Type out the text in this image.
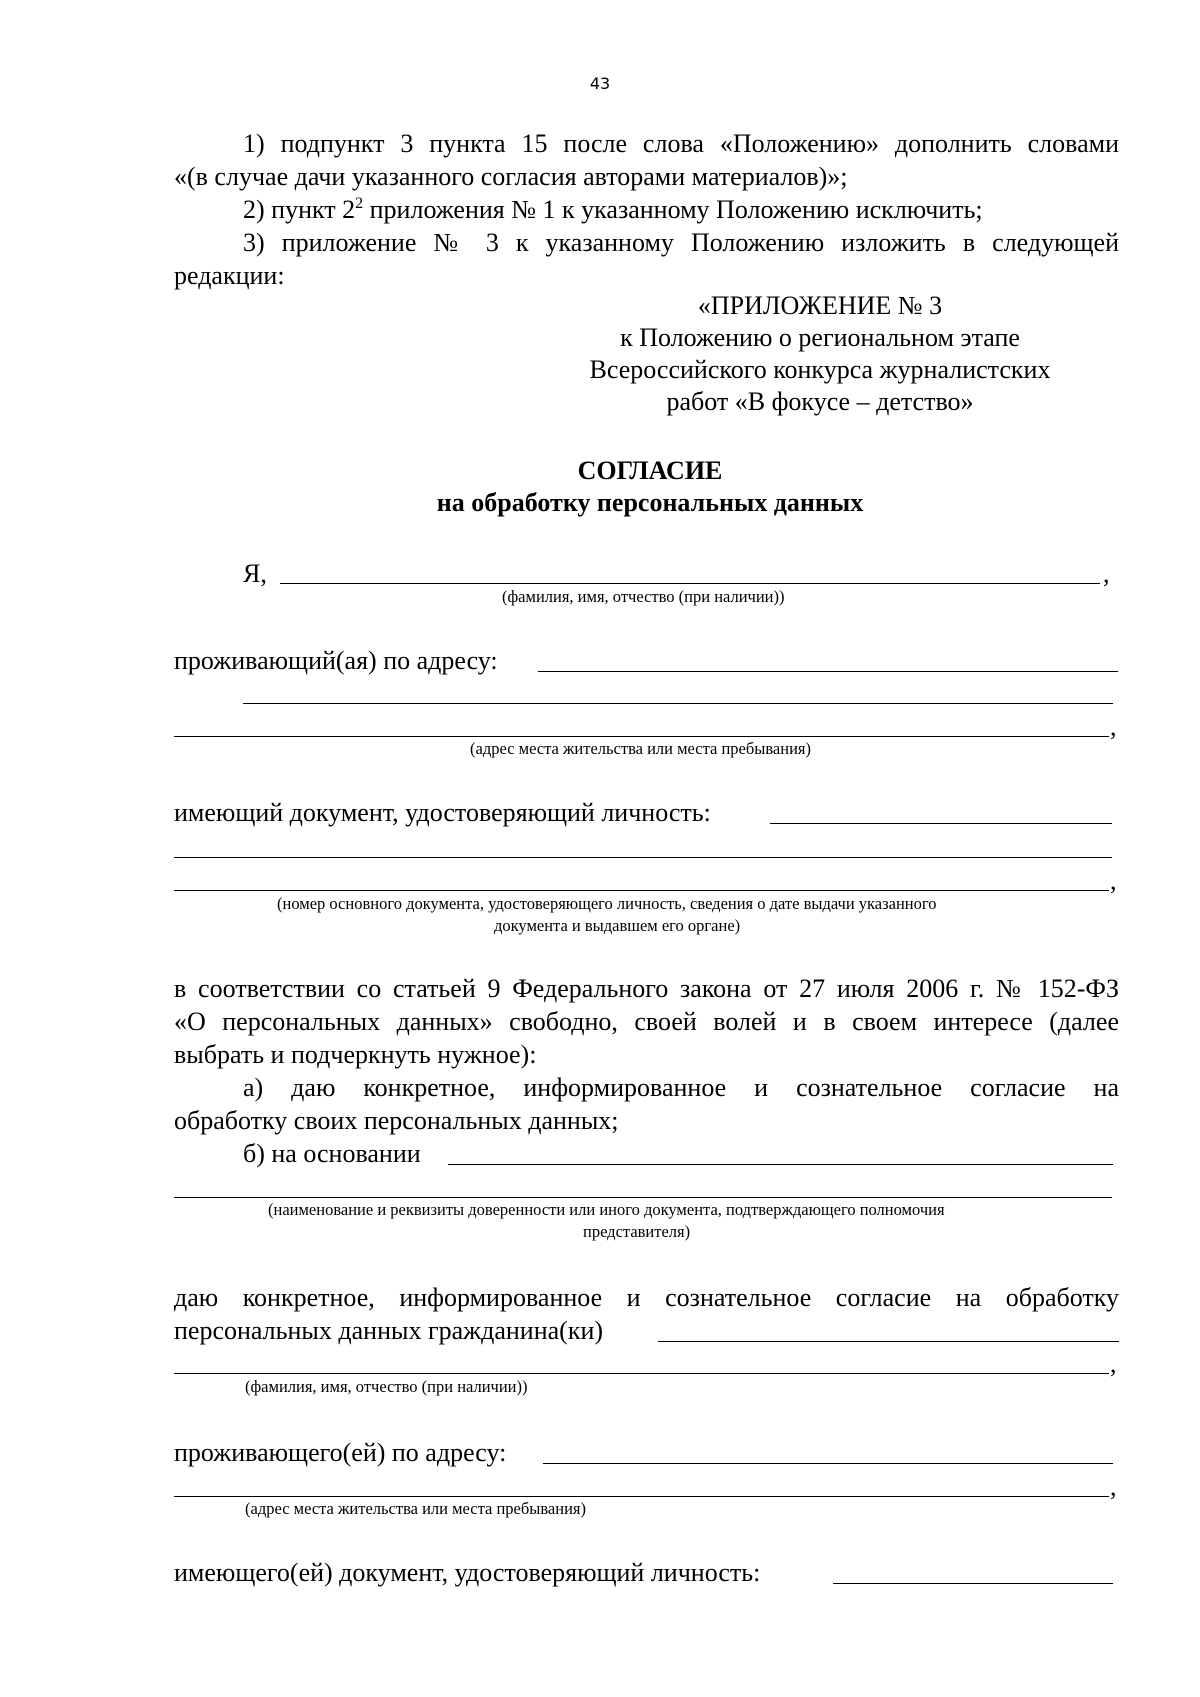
43
1) подпункт 3 пункта 15 после слова «Положению» дополнить словами
«(в случае дачи указанного согласия авторами материалов)»;
2) пункт $2^2$ приложения № 1 к указанному Положению исключить;
3) приложение № 3 к указанному Положению изложить в следующей
редакции:
«ПРИЛОЖЕНИЕ № 3
к Положению о региональном этапе
Всероссийского конкурса журналистских
работ «В фокусе – детство»
СОГЛАСИЕ
на обработку персональных данных
Я,	,
(фамилия, имя, отчество (при наличии))
проживающий(ая) по адресу:
,
(адрес места жительства или места пребывания)
имеющий документ, удостоверяющий личность:
,
(номер основного документа, удостоверяющего личность, сведения о дате выдачи указанного
документа и выдавшем его органе)
в соответствии со статьей 9 Федерального закона от 27 июля 2006 г. № 152-ФЗ
«О персональных данных» свободно, своей волей и в своем интересе (далее
выбрать и подчеркнуть нужное):
а) даю конкретное, информированное и сознательное согласие на
обработку своих персональных данных;
б) на основании
(наименование и реквизиты доверенности или иного документа, подтверждающего полномочия
представителя)
даю конкретное, информированное и сознательное согласие на обработку
персональных данных гражданина(ки)
,
(фамилия, имя, отчество (при наличии))
проживающего(ей) по адресу:
,
(адрес места жительства или места пребывания)
имеющего(ей) документ, удостоверяющий личность:
